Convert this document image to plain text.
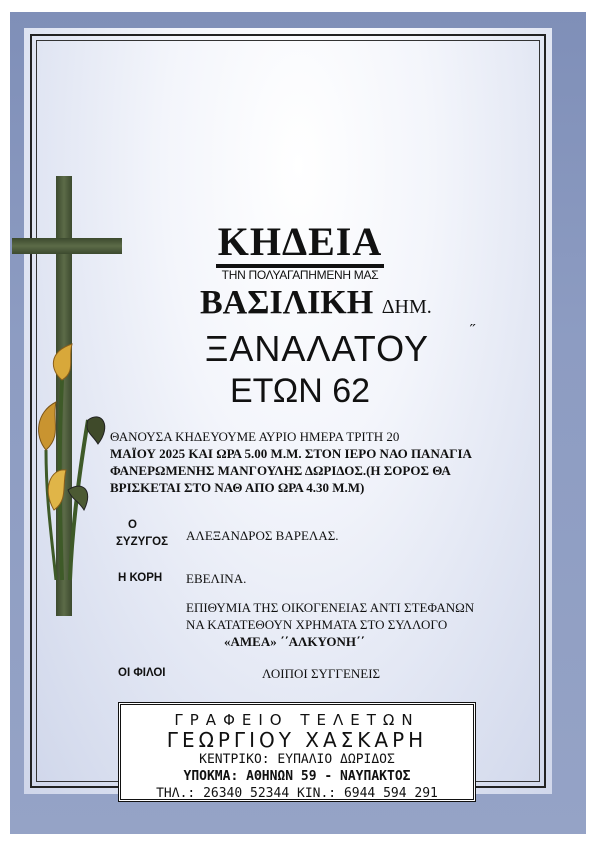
ΚΗΔΕΙΑ
ΤΗΝ ΠΟΛΥΑΓΑΠΗΜΕΝΗ ΜΑΣ
ΒΑΣΙΛΙΚΗ ΔΗΜ.
ΞΑΝΑΛΑΤΟΥ	˝
ΕΤΩΝ 62

ΘΑΝΟΥΣΑ ΚΗΔΕΥΟΥΜΕ ΑΥΡΙΟ ΗΜΕΡΑ ΤΡΙΤΗ 20

ΜΑΪΟΥ 2025 ΚΑΙ ΩΡΑ 5.00 Μ.Μ. ΣΤΟΝ ΙΕΡΟ ΝΑΟ ΠΑΝΑΓΙΑ

ΦΑΝΕΡΩΜΕΝΗΣ ΜΑΝΓΟΥΛΗΣ ΔΩΡΙΔΟΣ.(Η ΣΟΡΟΣ ΘΑ

ΒΡΙΣΚΕΤΑΙ ΣΤΟ ΝΑΘ ΑΠΟ ΩΡΑ 4.30 Μ.Μ)

Ο
ΣΥΖΥΓΟΣ ΑΛΕΞΑΝΔΡΟΣ ΒΑΡΕΛΑΣ.
Η ΚΟΡΗ ΕΒΕΛΙΝΑ.
ΕΠΙΘΥΜΙΑ ΤΗΣ ΟΙΚΟΓΕΝΕΙΑΣ ΑΝΤΙ ΣΤΕΦΑΝΩΝ
ΝΑ ΚΑΤΑΤΕΘΟΥΝ ΧΡΗΜΑΤΑ ΣΤΟ ΣΥΛΛΟΓΟ
«ΑΜΕΑ» ΄΄ΑΛΚΥΟΝΗ΄΄
ΟΙ ΦΙΛΟΙ	ΛΟΙΠΟΙ ΣΥΓΓΕΝΕΙΣ
ΓΡΑΦΕΙΟ ΤΕΛΕΤΩΝ
ΓΕΩΡΓΙΟΥ ΧΑΣΚΑΡΗ
ΚΕΝΤΡΙΚΟ: ΕΥΠΑΛΙΟ ΔΩΡΙΔΟΣ
ΥΠΟΚΜΑ: ΑΘΗΝΩΝ 59 - ΝΑΥΠΑΚΤΟΣ
ΤΗΛ.: 26340 52344 ΚΙΝ.: 6944 594 291
